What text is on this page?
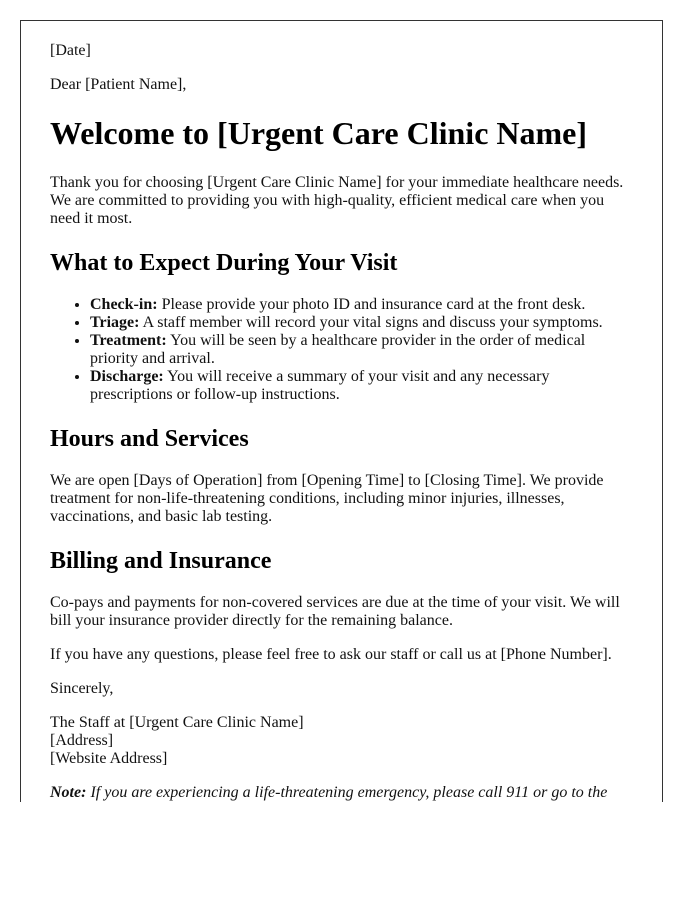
[Date]

Dear [Patient Name],

Welcome to [Urgent Care Clinic Name]

Thank you for choosing [Urgent Care Clinic Name] for your immediate healthcare needs. We are committed to providing you with high-quality, efficient medical care when you need it most.

What to Expect During Your Visit
• Check-in: Please provide your photo ID and insurance card at the front desk.
• Triage: A staff member will record your vital signs and discuss your symptoms.
• Treatment: You will be seen by a healthcare provider in the order of medical priority and arrival.
• Discharge: You will receive a summary of your visit and any necessary prescriptions or follow-up instructions.
Hours and Services

We are open [Days of Operation] from [Opening Time] to [Closing Time]. We provide treatment for non-life-threatening conditions, including minor injuries, illnesses, vaccinations, and basic lab testing.

Billing and Insurance

Co-pays and payments for non-covered services are due at the time of your visit. We will bill your insurance provider directly for the remaining balance.

If you have any questions, please feel free to ask our staff or call us at [Phone Number].

Sincerely,

The Staff at [Urgent Care Clinic Name]
[Address]
[Website Address]

Note: If you are experiencing a life-threatening emergency, please call 911 or go to the
